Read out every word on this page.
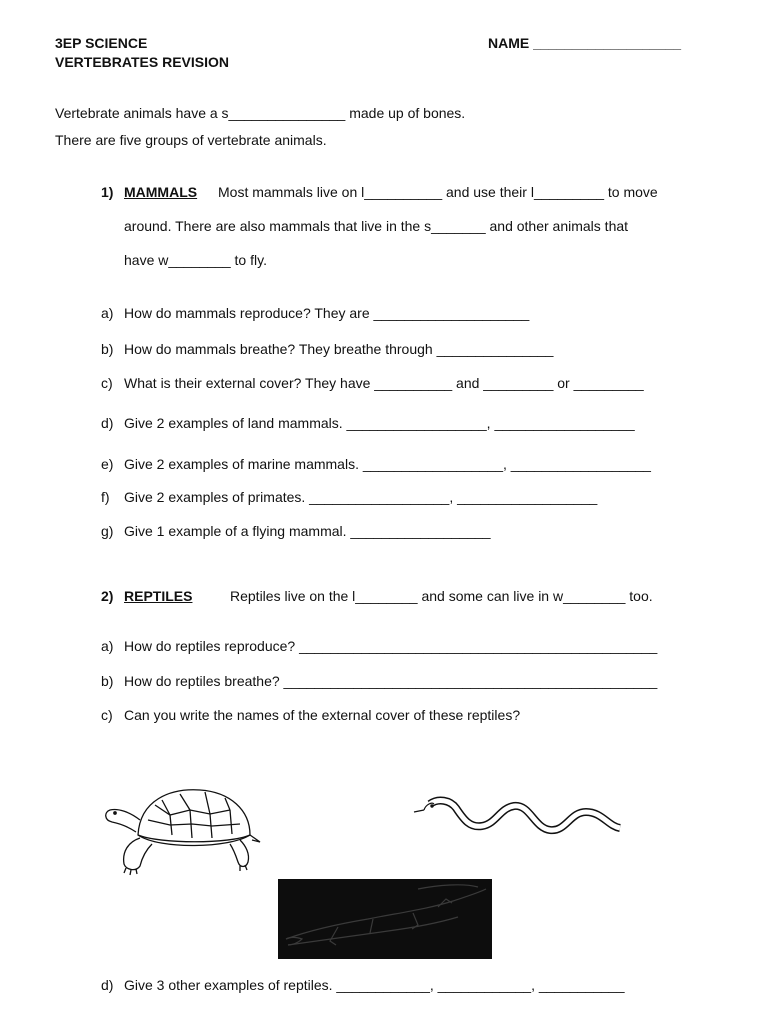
3EP SCIENCE
VERTEBRATES REVISION
NAME ___________________
Vertebrate animals have a s_______________ made up of bones.
There are five groups of vertebrate animals.
1) MAMMALS Most mammals live on l__________ and use their l_________ to move
around. There are also mammals that live in the s_______ and other animals that
have w________ to fly.
a) How do mammals reproduce? They are ____________________
b) How do mammals breathe? They breathe through _______________
c) What is their external cover? They have __________ and _________ or _________
d) Give 2 examples of land mammals. __________________, __________________
e) Give 2 examples of marine mammals. __________________, __________________
f) Give 2 examples of primates. __________________, __________________
g) Give 1 example of a flying mammal. __________________
2) REPTILES	Reptiles live on the l________ and some can live in w________ too.
a) How do reptiles reproduce? ______________________________________________
b) How do reptiles breathe? ________________________________________________
c) Can you write the names of the external cover of these reptiles?
d) Give 3 other examples of reptiles. ____________, ____________, ___________
